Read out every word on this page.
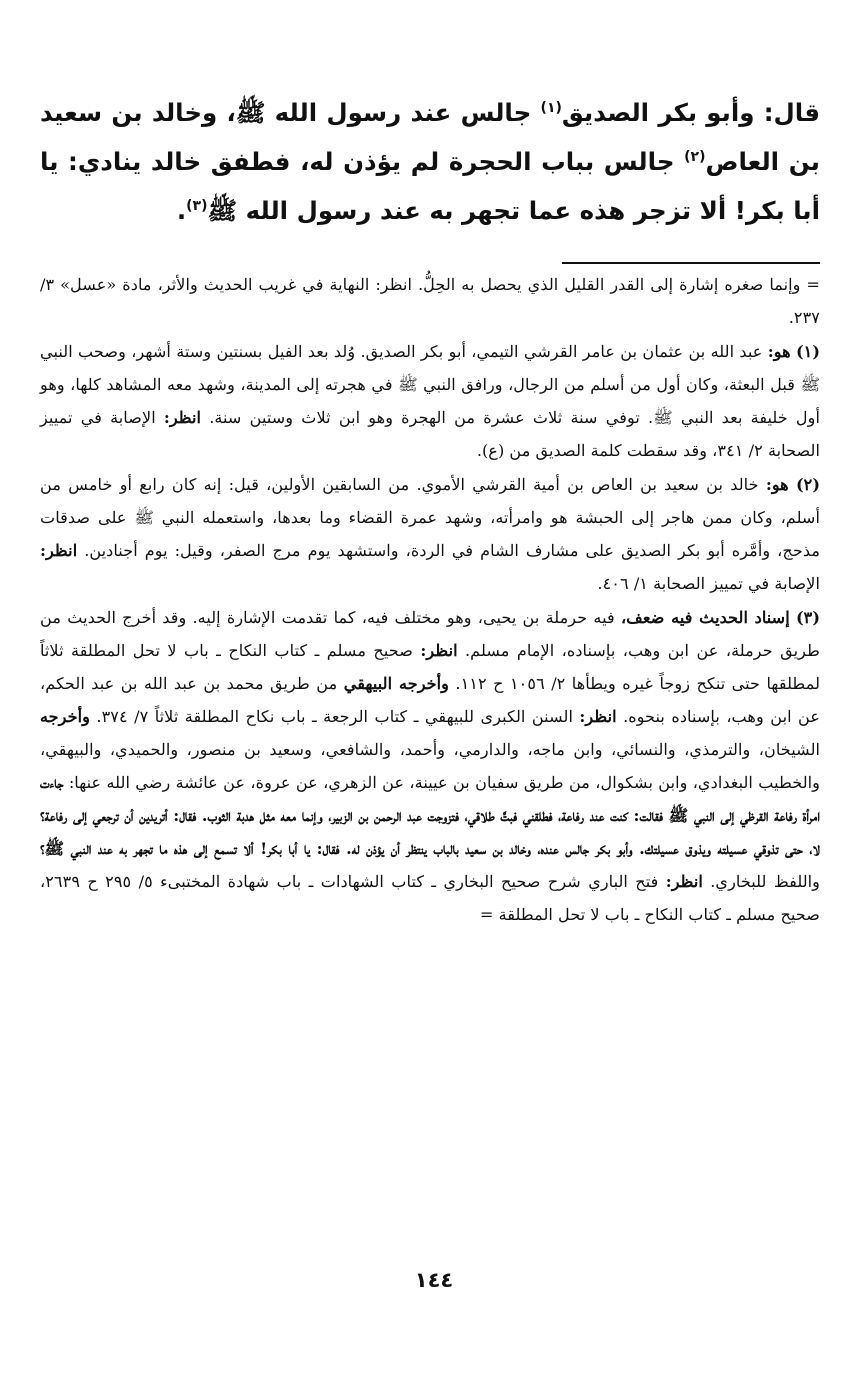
قال: وأبو بكر الصديق$^{(١)}$ جالس عند رسول الله ﷺ، وخالد بن سعيد بن العاص$^{(٢)}$ جالس بباب الحجرة لم يؤذن له، فطفق خالد ينادي: يا أبا بكر! ألا تزجر هذه عما تجهر به عند رسول الله ﷺ$^{(٣)}$.

= وإنما صغره إشارة إلى القدر القليل الذي يحصل به الحِلُّ. انظر: النهاية في غريب الحديث والأثر، مادة «عسل» ٣/ ٢٣٧.

(١) هو: عبد الله بن عثمان بن عامر القرشي التيمي، أبو بكر الصديق. وُلد بعد الفيل بسنتين وستة أشهر، وصحب النبي ﷺ قبل البعثة، وكان أول من أسلم من الرجال، ورافق النبي ﷺ في هجرته إلى المدينة، وشهد معه المشاهد كلها، وهو أول خليفة بعد النبي ﷺ. توفي سنة ثلاث عشرة من الهجرة وهو ابن ثلاث وستين سنة. انظر: الإصابة في تمييز الصحابة ٢/ ٣٤١، وقد سقطت كلمة الصديق من (ع).

(٢) هو: خالد بن سعيد بن العاص بن أمية القرشي الأموي. من السابقين الأولين، قيل: إنه كان رابع أو خامس من أسلم، وكان ممن هاجر إلى الحبشة هو وامرأته، وشهد عمرة القضاء وما بعدها، واستعمله النبي ﷺ على صدقات مذحج، وأمَّره أبو بكر الصديق على مشارف الشام في الردة، واستشهد يوم مرج الصفر، وقيل: يوم أجنادين. انظر: الإصابة في تمييز الصحابة ١/ ٤٠٦.

(٣) إسناد الحديث فيه ضعف، فيه حرملة بن يحيى، وهو مختلف فيه، كما تقدمت الإشارة إليه. وقد أخرج الحديث من طريق حرملة، عن ابن وهب، بإسناده، الإمام مسلم. انظر: صحيح مسلم ـ كتاب النكاح ـ باب لا تحل المطلقة ثلاثاً لمطلقها حتى تنكح زوجاً غيره ويطأها ٢/ ١٠٥٦ ح ١١٢. وأخرجه البيهقي من طريق محمد بن عبد الله بن عبد الحكم، عن ابن وهب، بإسناده بنحوه. انظر: السنن الكبرى للبيهقي ـ كتاب الرجعة ـ باب نكاح المطلقة ثلاثاً ٧/ ٣٧٤. وأخرجه الشيخان، والترمذي، والنسائي، وابن ماجه، والدارمي، وأحمد، والشافعي، وسعيد بن منصور، والحميدي، والبيهقي، والخطيب البغدادي، وابن بشكوال، من طريق سفيان بن عيينة، عن الزهري، عن عروة، عن عائشة رضي الله عنها: جاءت امرأة رفاعة القرظي إلى النبي ﷺ فقالت: كنت عند رفاعة، فطلقني فبتَّ طلاقي، فتزوجت عبد الرحمن بن الزبير، وإنما معه مثل هدبة الثوب. فقال: أتريدين أن ترجعي إلى رفاعة؟ لا، حتى تذوقي عسيلته ويذوق عسيلتك. وأبو بكر جالس عنده، وخالد بن سعيد بالباب ينتظر أن يؤذن له. فقال: يا أبا بكر! ألا تسمع إلى هذه ما تجهر به عند النبي ﷺ؟ واللفظ للبخاري. انظر: فتح الباري شرح صحيح البخاري ـ كتاب الشهادات ـ باب شهادة المختبىء ٥/ ٢٩٥ ح ٢٦٣٩، صحيح مسلم ـ كتاب النكاح ـ باب لا تحل المطلقة =

١٤٤
